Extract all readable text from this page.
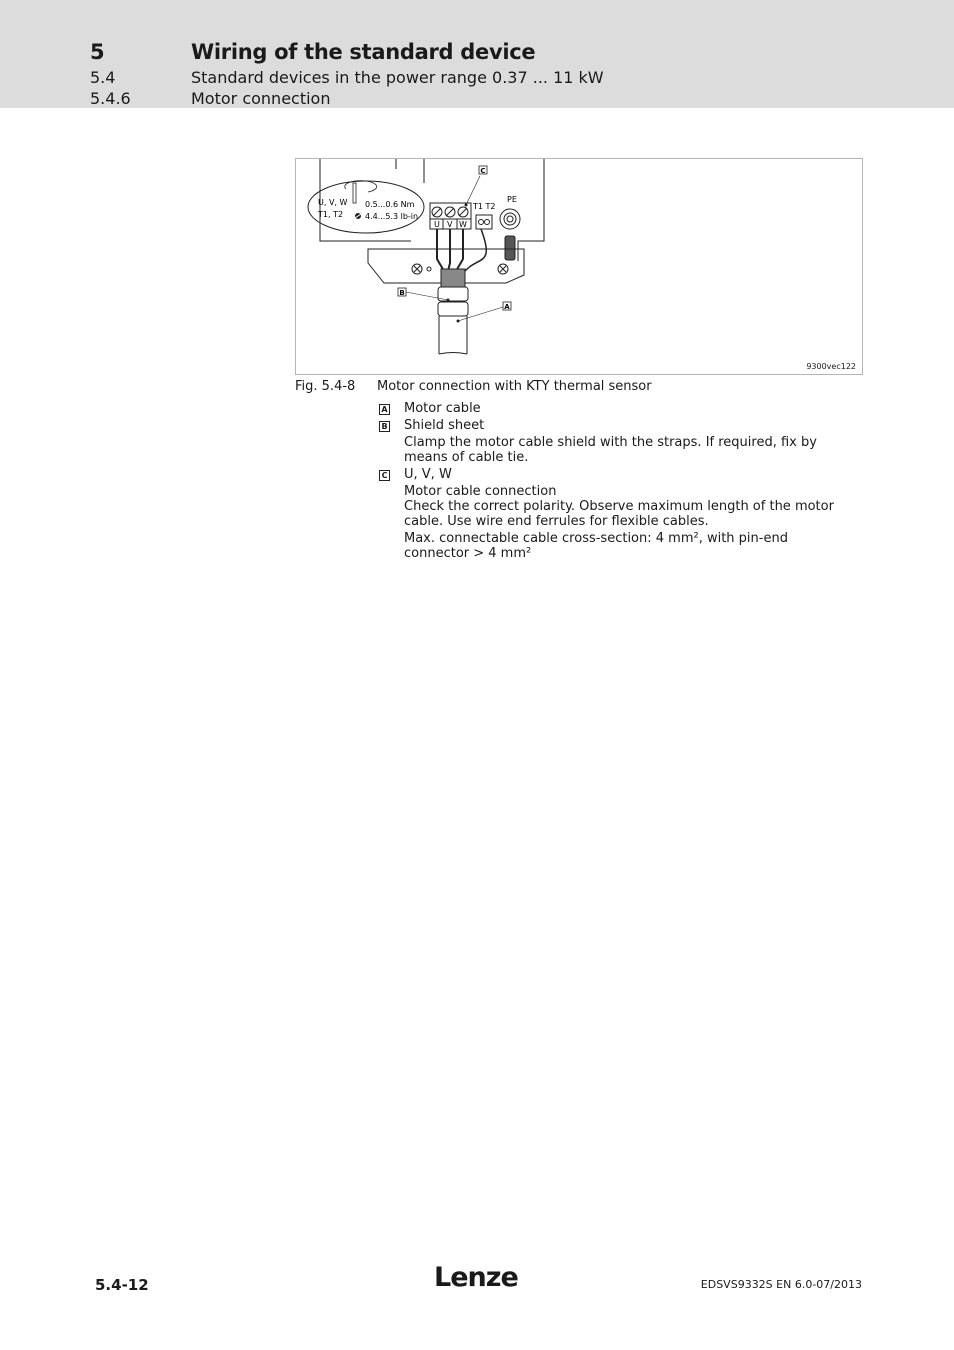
5	Wiring of the standard device
5.4	Standard devices in the power range 0.37 ... 11 kW
5.4.6	Motor connection
U, V, W
T1, T2
0.5...0.6 Nm
4.4...5.3 lb-in
U V W
T1 T2
PE
C
B
A
9300vec122
Fig. 5.4-8 Motor connection with KTY thermal sensor
A Motor cable
B Shield sheet
Clamp the motor cable shield with the straps. If required, fix by means of cable tie.
C U, V, W
Motor cable connection
Check the correct polarity. Observe maximum length of the motor cable. Use wire end ferrules for flexible cables.
Max. connectable cable cross-section: 4 mm², with pin-end connector > 4 mm²
5.4-12	Lenze	EDSVS9332S EN 6.0-07/2013
